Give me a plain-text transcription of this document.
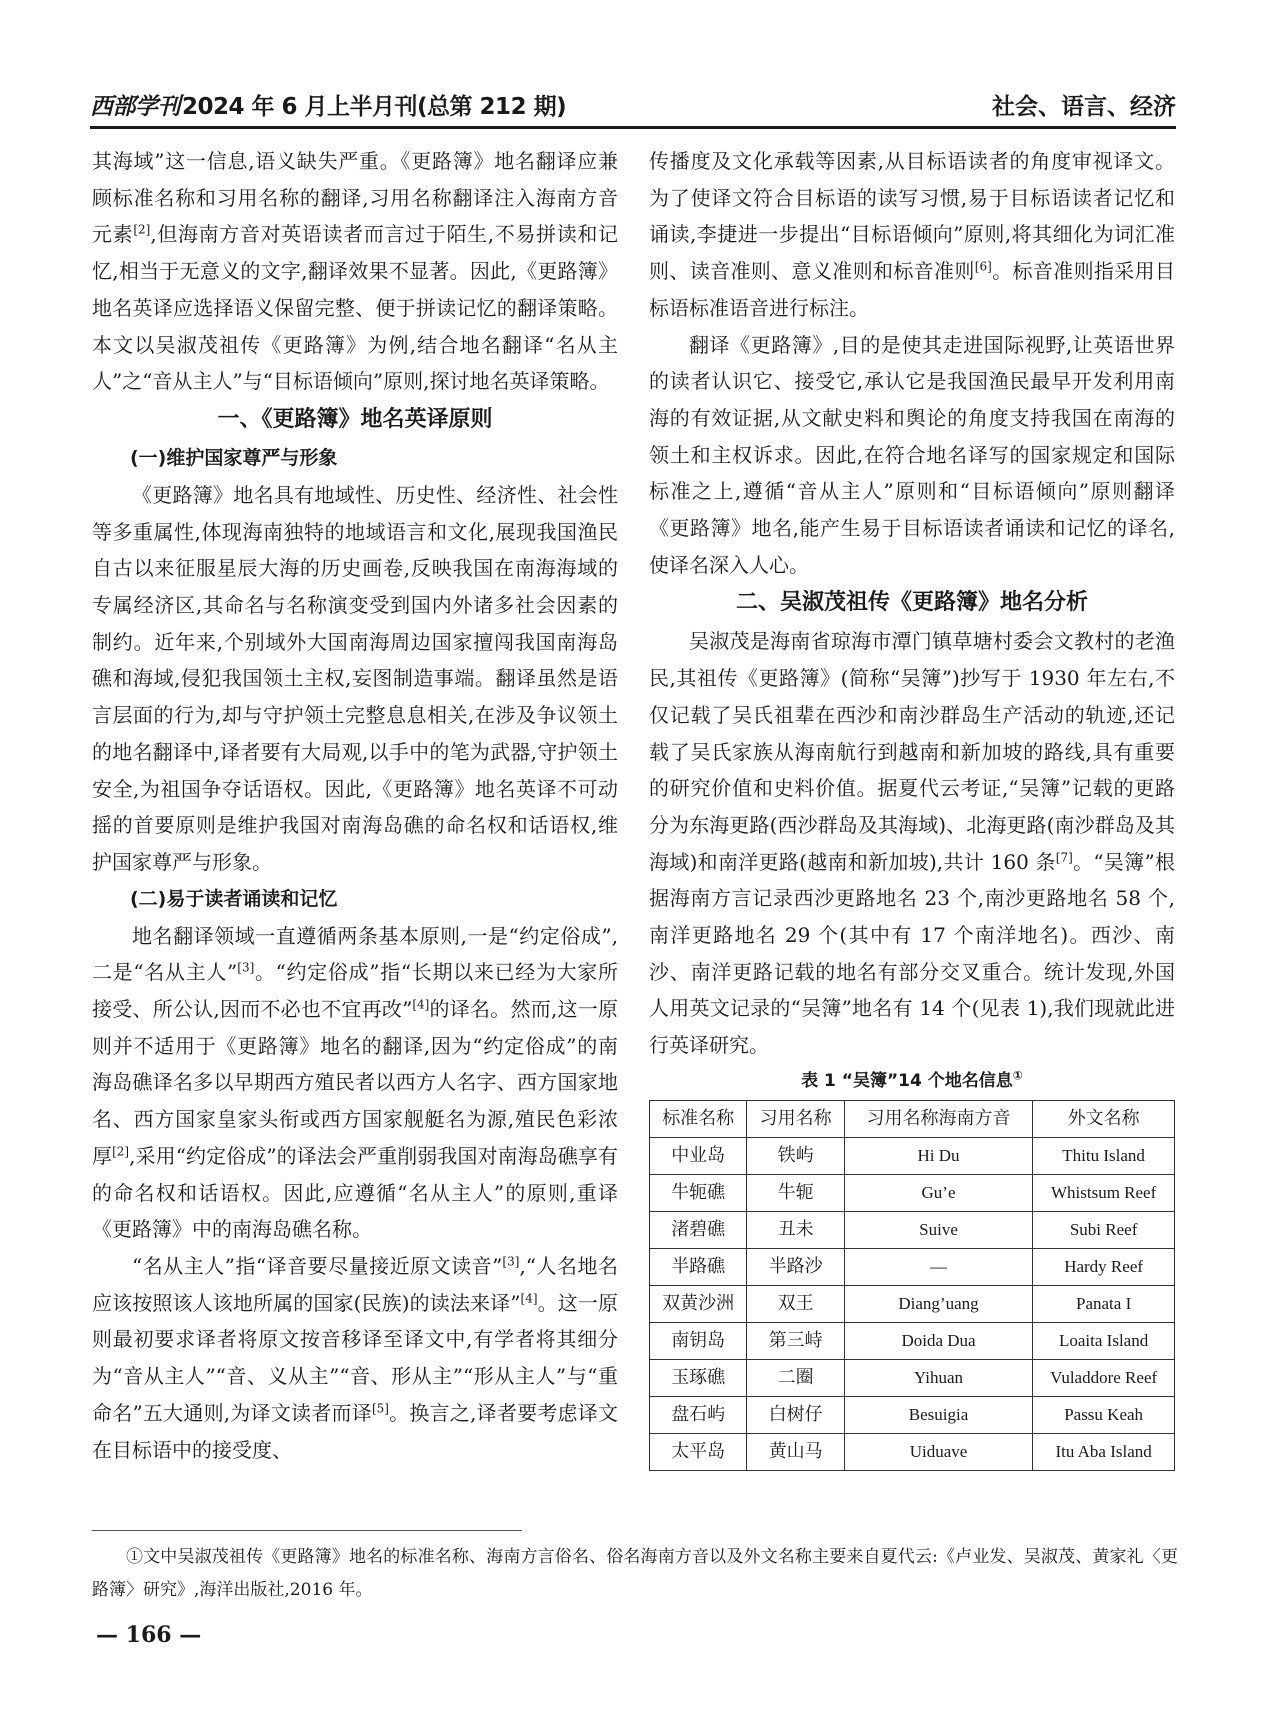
西部学刊2024 年 6 月上半月刊(总第 212 期)	社会、语言、经济

其海域”这一信息,语义缺失严重。《更路簿》地名翻译应兼顾标准名称和习用名称的翻译,习用名称翻译注入海南方音元素[2],但海南方音对英语读者而言过于陌生,不易拼读和记忆,相当于无意义的文字,翻译效果不显著。因此,《更路簿》地名英译应选择语义保留完整、便于拼读记忆的翻译策略。本文以吴淑茂祖传《更路簿》为例,结合地名翻译“名从主人”之“音从主人”与“目标语倾向”原则,探讨地名英译策略。

一、《更路簿》地名英译原则
(一)维护国家尊严与形象

《更路簿》地名具有地域性、历史性、经济性、社会性等多重属性,体现海南独特的地域语言和文化,展现我国渔民自古以来征服星辰大海的历史画卷,反映我国在南海海域的专属经济区,其命名与名称演变受到国内外诸多社会因素的制约。近年来,个别域外大国南海周边国家擅闯我国南海岛礁和海域,侵犯我国领土主权,妄图制造事端。翻译虽然是语言层面的行为,却与守护领土完整息息相关,在涉及争议领土的地名翻译中,译者要有大局观,以手中的笔为武器,守护领土安全,为祖国争夺话语权。因此,《更路簿》地名英译不可动摇的首要原则是维护我国对南海岛礁的命名权和话语权,维护国家尊严与形象。

(二)易于读者诵读和记忆

地名翻译领域一直遵循两条基本原则,一是“约定俗成”,二是“名从主人”[3]。“约定俗成”指“长期以来已经为大家所接受、所公认,因而不必也不宜再改”[4]的译名。然而,这一原则并不适用于《更路簿》地名的翻译,因为“约定俗成”的南海岛礁译名多以早期西方殖民者以西方人名字、西方国家地名、西方国家皇家头衔或西方国家舰艇名为源,殖民色彩浓厚[2],采用“约定俗成”的译法会严重削弱我国对南海岛礁享有的命名权和话语权。因此,应遵循“名从主人”的原则,重译《更路簿》中的南海岛礁名称。

“名从主人”指“译音要尽量接近原文读音”[3],“人名地名应该按照该人该地所属的国家(民族)的读法来译”[4]。这一原则最初要求译者将原文按音移译至译文中,有学者将其细分为“音从主人”“音、义从主”“音、形从主”“形从主人”与“重命名”五大通则,为译文读者而译[5]。换言之,译者要考虑译文在目标语中的接受度、

传播度及文化承载等因素,从目标语读者的角度审视译文。为了使译文符合目标语的读写习惯,易于目标语读者记忆和诵读,李捷进一步提出“目标语倾向”原则,将其细化为词汇准则、读音准则、意义准则和标音准则[6]。标音准则指采用目标语标准语音进行标注。

翻译《更路簿》,目的是使其走进国际视野,让英语世界的读者认识它、接受它,承认它是我国渔民最早开发利用南海的有效证据,从文献史料和舆论的角度支持我国在南海的领土和主权诉求。因此,在符合地名译写的国家规定和国际标准之上,遵循“音从主人”原则和“目标语倾向”原则翻译《更路簿》地名,能产生易于目标语读者诵读和记忆的译名,使译名深入人心。

二、吴淑茂祖传《更路簿》地名分析

吴淑茂是海南省琼海市潭门镇草塘村委会文教村的老渔民,其祖传《更路簿》(简称“吴簿”)抄写于 1930 年左右,不仅记载了吴氏祖辈在西沙和南沙群岛生产活动的轨迹,还记载了吴氏家族从海南航行到越南和新加坡的路线,具有重要的研究价值和史料价值。据夏代云考证,“吴簿”记载的更路分为东海更路(西沙群岛及其海域)、北海更路(南沙群岛及其海域)和南洋更路(越南和新加坡),共计 160 条[7]。“吴簿”根据海南方言记录西沙更路地名 23 个,南沙更路地名 58 个,南洋更路地名 29 个(其中有 17 个南洋地名)。西沙、南沙、南洋更路记载的地名有部分交叉重合。统计发现,外国人用英文记录的“吴簿”地名有 14 个(见表 1),我们现就此进行英译研究。

表 1 “吴簿”14 个地名信息①
标准名称	习用名称	习用名称海南方音	外文名称
中业岛	铁屿	Hi Du	Thitu Island
牛轭礁	牛轭	Gu’e	Whistsum Reef
渚碧礁	丑未	Suive	Subi Reef
半路礁	半路沙	—	Hardy Reef
双黄沙洲	双王	Diang’uang	Panata I
南钥岛	第三峙	Doida Dua	Loaita Island
玉琢礁	二圈	Yihuan	Vuladdore Reef
盘石屿	白树仔	Besuigia	Passu Keah
太平岛	黄山马	Uiduave	Itu Aba Island
①文中吴淑茂祖传《更路簿》地名的标准名称、海南方言俗名、俗名海南方音以及外文名称主要来自夏代云:《卢业发、吴淑茂、黄家礼〈更路簿〉研究》,海洋出版社,2016 年。
— 166 —
